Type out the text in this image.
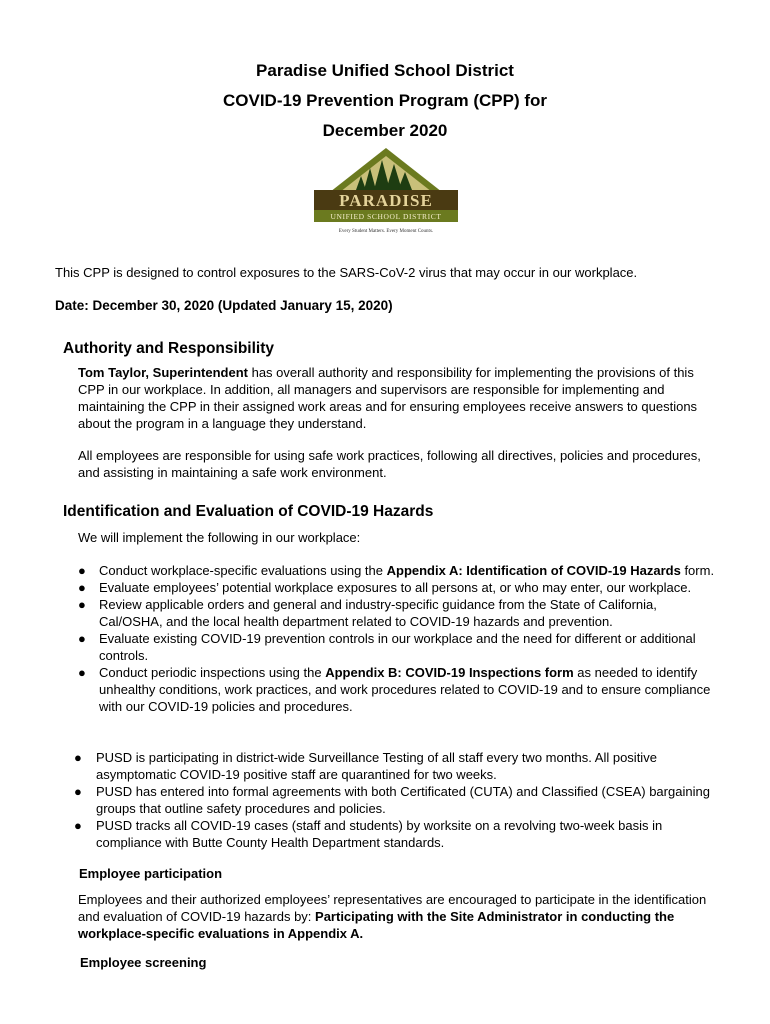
Paradise Unified School District
COVID-19 Prevention Program (CPP) for
December 2020
PARADISE
UNIFIED SCHOOL DISTRICT
Every Student Matters. Every Moment Counts.
This CPP is designed to control exposures to the SARS-CoV-2 virus that may occur in our workplace.
Date: December 30, 2020 (Updated January 15, 2020)
Authority and Responsibility
Tom Taylor, Superintendent has overall authority and responsibility for implementing the provisions of this CPP in our workplace. In addition, all managers and supervisors are responsible for implementing and maintaining the CPP in their assigned work areas and for ensuring employees receive answers to questions about the program in a language they understand.
All employees are responsible for using safe work practices, following all directives, policies and procedures, and assisting in maintaining a safe work environment.
Identification and Evaluation of COVID-19 Hazards
We will implement the following in our workplace:
● Conduct workplace-specific evaluations using the Appendix A: Identification of COVID-19 Hazards form.
● Evaluate employees’ potential workplace exposures to all persons at, or who may enter, our workplace.
● Review applicable orders and general and industry-specific guidance from the State of California, Cal/OSHA, and the local health department related to COVID-19 hazards and prevention.
● Evaluate existing COVID-19 prevention controls in our workplace and the need for different or additional controls.
● Conduct periodic inspections using the Appendix B: COVID-19 Inspections form as needed to identify unhealthy conditions, work practices, and work procedures related to COVID-19 and to ensure compliance with our COVID-19 policies and procedures.
● PUSD is participating in district-wide Surveillance Testing of all staff every two months. All positive asymptomatic COVID-19 positive staff are quarantined for two weeks.
● PUSD has entered into formal agreements with both Certificated (CUTA) and Classified (CSEA) bargaining groups that outline safety procedures and policies.
● PUSD tracks all COVID-19 cases (staff and students) by worksite on a revolving two-week basis in compliance with Butte County Health Department standards.
Employee participation
Employees and their authorized employees’ representatives are encouraged to participate in the identification and evaluation of COVID-19 hazards by: Participating with the Site Administrator in conducting the workplace-specific evaluations in Appendix A.
Employee screening
